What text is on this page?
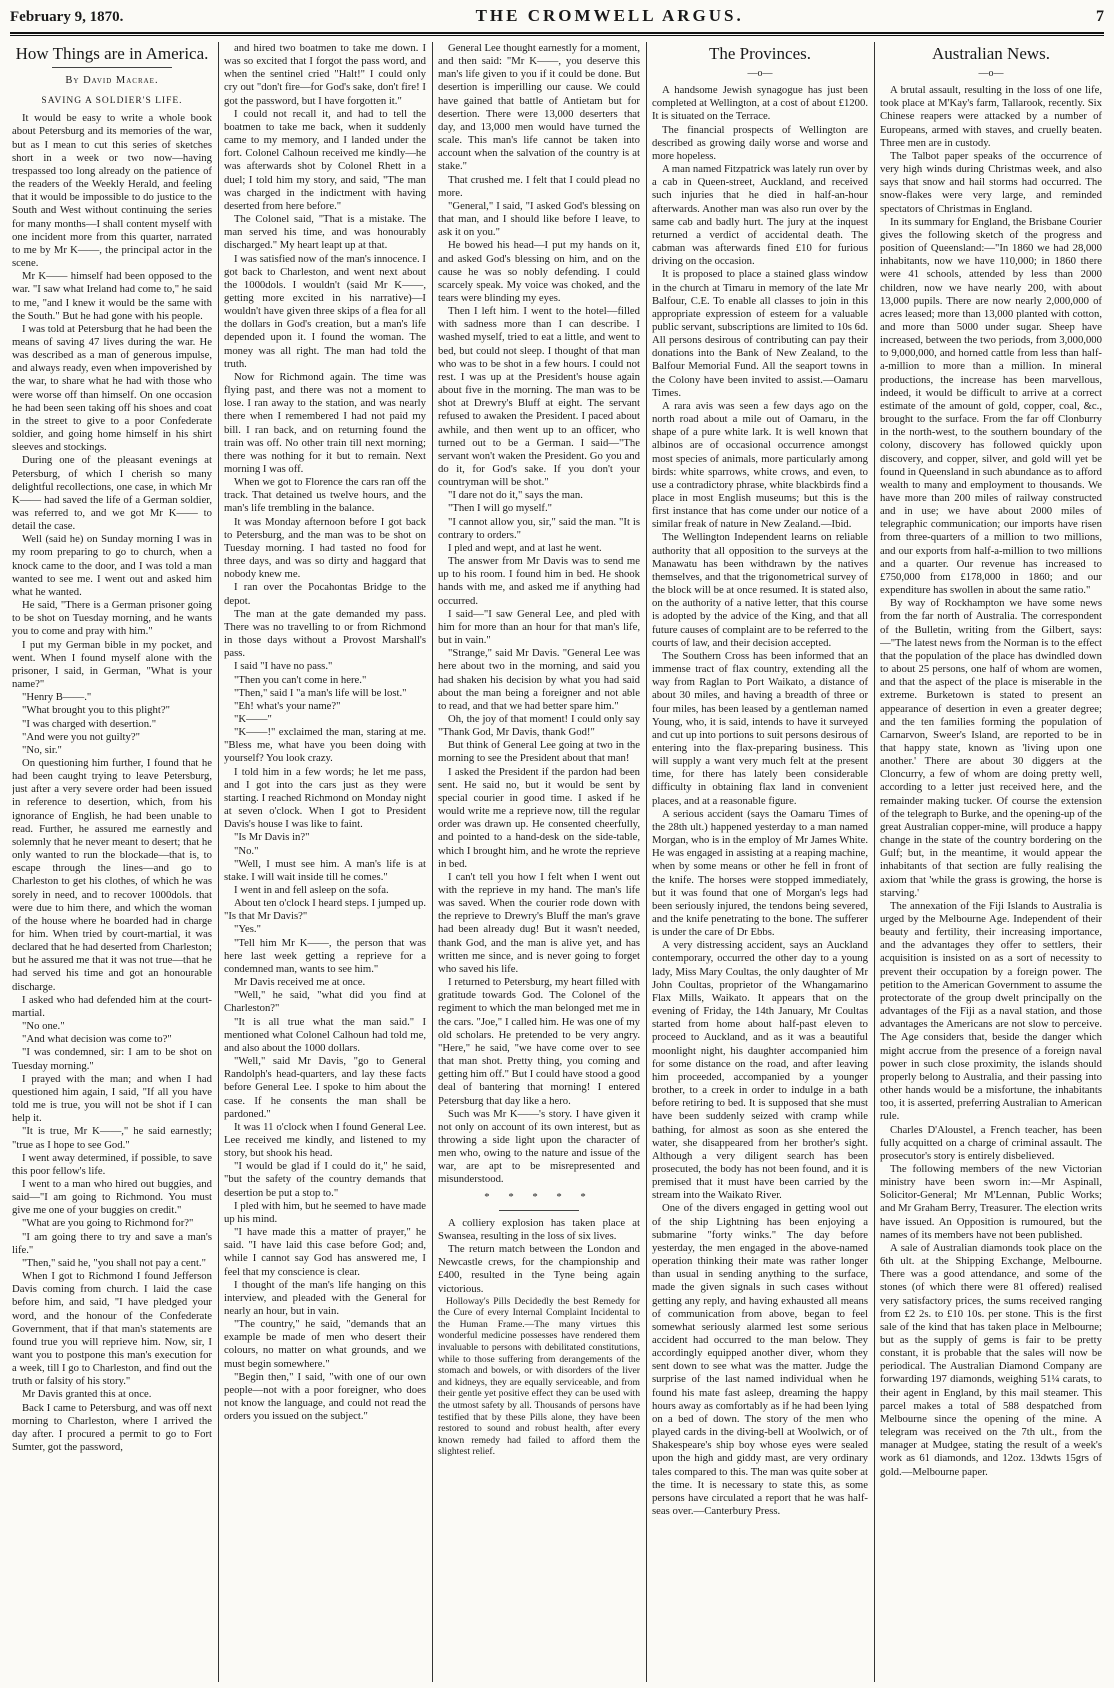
February 9, 1870.	THE CROMWELL ARGUS.	7
How Things are in America.
By David Macrae.
SAVING A SOLDIER'S LIFE.

It would be easy to write a whole book about Petersburg and its memories of the war, but as I mean to cut this series of sketches short in a week or two now—having trespassed too long already on the patience of the readers of the Weekly Herald, and feeling that it would be impossible to do justice to the South and West without continuing the series for many months—I shall content myself with one incident more from this quarter, narrated to me by Mr K——, the principal actor in the scene.

Mr K—— himself had been opposed to the war. "I saw what Ireland had come to," he said to me, "and I knew it would be the same with the South." But he had gone with his people.

I was told at Petersburg that he had been the means of saving 47 lives during the war. He was described as a man of generous impulse, and always ready, even when impoverished by the war, to share what he had with those who were worse off than himself. On one occasion he had been seen taking off his shoes and coat in the street to give to a poor Confederate soldier, and going home himself in his shirt sleeves and stockings.

During one of the pleasant evenings at Petersburg, of which I cherish so many delightful recollections, one case, in which Mr K—— had saved the life of a German soldier, was referred to, and we got Mr K—— to detail the case.

Well (said he) on Sunday morning I was in my room preparing to go to church, when a knock came to the door, and I was told a man wanted to see me. I went out and asked him what he wanted.

He said, "There is a German prisoner going to be shot on Tuesday morning, and he wants you to come and pray with him."

I put my German bible in my pocket, and went. When I found myself alone with the prisoner, I said, in German, "What is your name?"

"Henry B——."

"What brought you to this plight?"

"I was charged with desertion."

"And were you not guilty?"

"No, sir."

On questioning him further, I found that he had been caught trying to leave Petersburg, just after a very severe order had been issued in reference to desertion, which, from his ignorance of English, he had been unable to read. Further, he assured me earnestly and solemnly that he never meant to desert; that he only wanted to run the blockade—that is, to escape through the lines—and go to Charleston to get his clothes, of which he was sorely in need, and to recover 1000dols. that were due to him there, and which the woman of the house where he boarded had in charge for him. When tried by court-martial, it was declared that he had deserted from Charleston; but he assured me that it was not true—that he had served his time and got an honourable discharge.

I asked who had defended him at the court-martial.

"No one."

"And what decision was come to?"

"I was condemned, sir: I am to be shot on Tuesday morning."

I prayed with the man; and when I had questioned him again, I said, "If all you have told me is true, you will not be shot if I can help it.

"It is true, Mr K——," he said earnestly; "true as I hope to see God."

I went away determined, if possible, to save this poor fellow's life.

I went to a man who hired out buggies, and said—"I am going to Richmond. You must give me one of your buggies on credit."

"What are you going to Richmond for?"

"I am going there to try and save a man's life."

"Then," said he, "you shall not pay a cent."

When I got to Richmond I found Jefferson Davis coming from church. I laid the case before him, and said, "I have pledged your word, and the honour of the Confederate Government, that if that man's statements are found true you will reprieve him. Now, sir, I want you to postpone this man's execution for a week, till I go to Charleston, and find out the truth or falsity of his story."

Mr Davis granted this at once.

Back I came to Petersburg, and was off next morning to Charleston, where I arrived the day after. I procured a permit to go to Fort Sumter, got the password,

and hired two boatmen to take me down. I was so excited that I forgot the pass word, and when the sentinel cried "Halt!" I could only cry out "don't fire—for God's sake, don't fire! I got the password, but I have forgotten it."

I could not recall it, and had to tell the boatmen to take me back, when it suddenly came to my memory, and I landed under the fort. Colonel Calhoun received me kindly—he was afterwards shot by Colonel Rhett in a duel; I told him my story, and said, "The man was charged in the indictment with having deserted from here before."

The Colonel said, "That is a mistake. The man served his time, and was honourably discharged." My heart leapt up at that.

I was satisfied now of the man's innocence. I got back to Charleston, and went next about the 1000dols. I wouldn't (said Mr K——, getting more excited in his narrative)—I wouldn't have given three skips of a flea for all the dollars in God's creation, but a man's life depended upon it. I found the woman. The money was all right. The man had told the truth.

Now for Richmond again. The time was flying past, and there was not a moment to lose. I ran away to the station, and was nearly there when I remembered I had not paid my bill. I ran back, and on returning found the train was off. No other train till next morning; there was nothing for it but to remain. Next morning I was off.

When we got to Florence the cars ran off the track. That detained us twelve hours, and the man's life trembling in the balance.

It was Monday afternoon before I got back to Petersburg, and the man was to be shot on Tuesday morning. I had tasted no food for three days, and was so dirty and haggard that nobody knew me.

I ran over the Pocahontas Bridge to the depot.

The man at the gate demanded my pass. There was no travelling to or from Richmond in those days without a Provost Marshall's pass.

I said "I have no pass."

"Then you can't come in here."

"Then," said I "a man's life will be lost."

"Eh! what's your name?"

"K——"

"K——!" exclaimed the man, staring at me. "Bless me, what have you been doing with yourself? You look crazy.

I told him in a few words; he let me pass, and I got into the cars just as they were starting. I reached Richmond on Monday night at seven o'clock. When I got to President Davis's house I was like to faint.

"Is Mr Davis in?"

"No."

"Well, I must see him. A man's life is at stake. I will wait inside till he comes."

I went in and fell asleep on the sofa.

About ten o'clock I heard steps. I jumped up. "Is that Mr Davis?"

"Yes."

"Tell him Mr K——, the person that was here last week getting a reprieve for a condemned man, wants to see him."

Mr Davis received me at once.

"Well," he said, "what did you find at Charleston?"

"It is all true what the man said." I mentioned what Colonel Calhoun had told me, and also about the 1000 dollars.

"Well," said Mr Davis, "go to General Randolph's head-quarters, and lay these facts before General Lee. I spoke to him about the case. If he consents the man shall be pardoned."

It was 11 o'clock when I found General Lee. Lee received me kindly, and listened to my story, but shook his head.

"I would be glad if I could do it," he said, "but the safety of the country demands that desertion be put a stop to."

I pled with him, but he seemed to have made up his mind.

"I have made this a matter of prayer," he said. "I have laid this case before God; and, while I cannot say God has answered me, I feel that my conscience is clear.

I thought of the man's life hanging on this interview, and pleaded with the General for nearly an hour, but in vain.

"The country," he said, "demands that an example be made of men who desert their colours, no matter on what grounds, and we must begin somewhere."

"Begin then," I said, "with one of our own people—not with a poor foreigner, who does not know the language, and could not read the orders you issued on the subject."

General Lee thought earnestly for a moment, and then said: "Mr K——, you deserve this man's life given to you if it could be done. But desertion is imperilling our cause. We could have gained that battle of Antietam but for desertion. There were 13,000 deserters that day, and 13,000 men would have turned the scale. This man's life cannot be taken into account when the salvation of the country is at stake."

That crushed me. I felt that I could plead no more.

"General," I said, "I asked God's blessing on that man, and I should like before I leave, to ask it on you."

He bowed his head—I put my hands on it, and asked God's blessing on him, and on the cause he was so nobly defending. I could scarcely speak. My voice was choked, and the tears were blinding my eyes.

Then I left him. I went to the hotel—filled with sadness more than I can describe. I washed myself, tried to eat a little, and went to bed, but could not sleep. I thought of that man who was to be shot in a few hours. I could not rest. I was up at the President's house again about five in the morning. The man was to be shot at Drewry's Bluff at eight. The servant refused to awaken the President. I paced about awhile, and then went up to an officer, who turned out to be a German. I said—"The servant won't waken the President. Go you and do it, for God's sake. If you don't your countryman will be shot."

"I dare not do it," says the man.

"Then I will go myself."

"I cannot allow you, sir," said the man. "It is contrary to orders."

I pled and wept, and at last he went.

The answer from Mr Davis was to send me up to his room. I found him in bed. He shook hands with me, and asked me if anything had occurred.

I said—"I saw General Lee, and pled with him for more than an hour for that man's life, but in vain."

"Strange," said Mr Davis. "General Lee was here about two in the morning, and said you had shaken his decision by what you had said about the man being a foreigner and not able to read, and that we had better spare him."

Oh, the joy of that moment! I could only say "Thank God, Mr Davis, thank God!"

But think of General Lee going at two in the morning to see the President about that man!

I asked the President if the pardon had been sent. He said no, but it would be sent by special courier in good time. I asked if he would write me a reprieve now, till the regular order was drawn up. He consented cheerfully, and pointed to a hand-desk on the side-table, which I brought him, and he wrote the reprieve in bed.

I can't tell you how I felt when I went out with the reprieve in my hand. The man's life was saved. When the courier rode down with the reprieve to Drewry's Bluff the man's grave had been already dug! But it wasn't needed, thank God, and the man is alive yet, and has written me since, and is never going to forget who saved his life.

I returned to Petersburg, my heart filled with gratitude towards God. The Colonel of the regiment to which the man belonged met me in the cars. "Joe," I called him. He was one of my old scholars. He pretended to be very angry. "Here," he said, "we have come over to see that man shot. Pretty thing, you coming and getting him off." But I could have stood a good deal of bantering that morning! I entered Petersburg that day like a hero.

Such was Mr K——'s story. I have given it not only on account of its own interest, but as throwing a side light upon the character of men who, owing to the nature and issue of the war, are apt to be misrepresented and misunderstood.

* * * * *

A colliery explosion has taken place at Swansea, resulting in the loss of six lives.

The return match between the London and Newcastle crews, for the championship and £400, resulted in the Tyne being again victorious.

Holloway's Pills Decidedly the best Remedy for the Cure of every Internal Complaint Incidental to the Human Frame.—The many virtues this wonderful medicine possesses have rendered them invaluable to persons with debilitated constitutions, while to those suffering from derangements of the stomach and bowels, or with disorders of the liver and kidneys, they are equally serviceable, and from their gentle yet positive effect they can be used with the utmost safety by all. Thousands of persons have testified that by these Pills alone, they have been restored to sound and robust health, after every known remedy had failed to afford them the slightest relief.

The Provinces.
—o—

A handsome Jewish synagogue has just been completed at Wellington, at a cost of about £1200. It is situated on the Terrace.

The financial prospects of Wellington are described as growing daily worse and worse and more hopeless.

A man named Fitzpatrick was lately run over by a cab in Queen-street, Auckland, and received such injuries that he died in half-an-hour afterwards. Another man was also run over by the same cab and badly hurt. The jury at the inquest returned a verdict of accidental death. The cabman was afterwards fined £10 for furious driving on the occasion.

It is proposed to place a stained glass window in the church at Timaru in memory of the late Mr Balfour, C.E. To enable all classes to join in this appropriate expression of esteem for a valuable public servant, subscriptions are limited to 10s 6d. All persons desirous of contributing can pay their donations into the Bank of New Zealand, to the Balfour Memorial Fund. All the seaport towns in the Colony have been invited to assist.—Oamaru Times.

A rara avis was seen a few days ago on the north road about a mile out of Oamaru, in the shape of a pure white lark. It is well known that albinos are of occasional occurrence amongst most species of animals, more particularly among birds: white sparrows, white crows, and even, to use a contradictory phrase, white blackbirds find a place in most English museums; but this is the first instance that has come under our notice of a similar freak of nature in New Zealand.—Ibid.

The Wellington Independent learns on reliable authority that all opposition to the surveys at the Manawatu has been withdrawn by the natives themselves, and that the trigonometrical survey of the block will be at once resumed. It is stated also, on the authority of a native letter, that this course is adopted by the advice of the King, and that all future causes of complaint are to be referred to the courts of law, and their decision accepted.

The Southern Cross has been informed that an immense tract of flax country, extending all the way from Raglan to Port Waikato, a distance of about 30 miles, and having a breadth of three or four miles, has been leased by a gentleman named Young, who, it is said, intends to have it surveyed and cut up into portions to suit persons desirous of entering into the flax-preparing business. This will supply a want very much felt at the present time, for there has lately been considerable difficulty in obtaining flax land in convenient places, and at a reasonable figure.

A serious accident (says the Oamaru Times of the 28th ult.) happened yesterday to a man named Morgan, who is in the employ of Mr James White. He was engaged in assisting at a reaping machine, when by some means or other he fell in front of the knife. The horses were stopped immediately, but it was found that one of Morgan's legs had been seriously injured, the tendons being severed, and the knife penetrating to the bone. The sufferer is under the care of Dr Ebbs.

A very distressing accident, says an Auckland contemporary, occurred the other day to a young lady, Miss Mary Coultas, the only daughter of Mr John Coultas, proprietor of the Whangamarino Flax Mills, Waikato. It appears that on the evening of Friday, the 14th January, Mr Coultas started from home about half-past eleven to proceed to Auckland, and as it was a beautiful moonlight night, his daughter accompanied him for some distance on the road, and after leaving him proceeded, accompanied by a younger brother, to a creek in order to indulge in a bath before retiring to bed. It is supposed that she must have been suddenly seized with cramp while bathing, for almost as soon as she entered the water, she disappeared from her brother's sight. Although a very diligent search has been prosecuted, the body has not been found, and it is premised that it must have been carried by the stream into the Waikato River.

One of the divers engaged in getting wool out of the ship Lightning has been enjoying a submarine "forty winks." The day before yesterday, the men engaged in the above-named operation thinking their mate was rather longer than usual in sending anything to the surface, made the given signals in such cases without getting any reply, and having exhausted all means of communication from above, began to feel somewhat seriously alarmed lest some serious accident had occurred to the man below. They accordingly equipped another diver, whom they sent down to see what was the matter. Judge the surprise of the last named individual when he found his mate fast asleep, dreaming the happy hours away as comfortably as if he had been lying on a bed of down. The story of the men who played cards in the diving-bell at Woolwich, or of Shakespeare's ship boy whose eyes were sealed upon the high and giddy mast, are very ordinary tales compared to this. The man was quite sober at the time. It is necessary to state this, as some persons have circulated a report that he was half-seas over.—Canterbury Press.

Australian News.
—o—

A brutal assault, resulting in the loss of one life, took place at M'Kay's farm, Tallarook, recently. Six Chinese reapers were attacked by a number of Europeans, armed with staves, and cruelly beaten. Three men are in custody.

The Talbot paper speaks of the occurrence of very high winds during Christmas week, and also says that snow and hail storms had occurred. The snow-flakes were very large, and reminded spectators of Christmas in England.

In its summary for England, the Brisbane Courier gives the following sketch of the progress and position of Queensland:—"In 1860 we had 28,000 inhabitants, now we have 110,000; in 1860 there were 41 schools, attended by less than 2000 children, now we have nearly 200, with about 13,000 pupils. There are now nearly 2,000,000 of acres leased; more than 13,000 planted with cotton, and more than 5000 under sugar. Sheep have increased, between the two periods, from 3,000,000 to 9,000,000, and horned cattle from less than half-a-million to more than a million. In mineral productions, the increase has been marvellous, indeed, it would be difficult to arrive at a correct estimate of the amount of gold, copper, coal, &c., brought to the surface. From the far off Clonburry in the north-west, to the southern boundary of the colony, discovery has followed quickly upon discovery, and copper, silver, and gold will yet be found in Queensland in such abundance as to afford wealth to many and employment to thousands. We have more than 200 miles of railway constructed and in use; we have about 2000 miles of telegraphic communication; our imports have risen from three-quarters of a million to two millions, and our exports from half-a-million to two millions and a quarter. Our revenue has increased to £750,000 from £178,000 in 1860; and our expenditure has swollen in about the same ratio."

By way of Rockhampton we have some news from the far north of Australia. The correspondent of the Bulletin, writing from the Gilbert, says:—"The latest news from the Norman is to the effect that the population of the place has dwindled down to about 25 persons, one half of whom are women, and that the aspect of the place is miserable in the extreme. Burketown is stated to present an appearance of desertion in even a greater degree; and the ten families forming the population of Carnarvon, Sweer's Island, are reported to be in that happy state, known as 'living upon one another.' There are about 30 diggers at the Cloncurry, a few of whom are doing pretty well, according to a letter just received here, and the remainder making tucker. Of course the extension of the telegraph to Burke, and the opening-up of the great Australian copper-mine, will produce a happy change in the state of the country bordering on the Gulf; but, in the meantime, it would appear the inhabitants of that section are fully realising the axiom that 'while the grass is growing, the horse is starving.'

The annexation of the Fiji Islands to Australia is urged by the Melbourne Age. Independent of their beauty and fertility, their increasing importance, and the advantages they offer to settlers, their acquisition is insisted on as a sort of necessity to prevent their occupation by a foreign power. The petition to the American Government to assume the protectorate of the group dwelt principally on the advantages of the Fiji as a naval station, and those advantages the Americans are not slow to perceive. The Age considers that, beside the danger which might accrue from the presence of a foreign naval power in such close proximity, the islands should properly belong to Australia, and their passing into other hands would be a misfortune, the inhabitants too, it is asserted, preferring Australian to American rule.

Charles D'Aloustel, a French teacher, has been fully acquitted on a charge of criminal assault. The prosecutor's story is entirely disbelieved.

The following members of the new Victorian ministry have been sworn in:—Mr Aspinall, Solicitor-General; Mr M'Lennan, Public Works; and Mr Graham Berry, Treasurer. The election writs have issued. An Opposition is rumoured, but the names of its members have not been published.

A sale of Australian diamonds took place on the 6th ult. at the Shipping Exchange, Melbourne. There was a good attendance, and some of the stones (of which there were 81 offered) realised very satisfactory prices, the sums received ranging from £2 2s. to £10 10s. per stone. This is the first sale of the kind that has taken place in Melbourne; but as the supply of gems is fair to be pretty constant, it is probable that the sales will now be periodical. The Australian Diamond Company are forwarding 197 diamonds, weighing 51¼ carats, to their agent in England, by this mail steamer. This parcel makes a total of 588 despatched from Melbourne since the opening of the mine. A telegram was received on the 7th ult., from the manager at Mudgee, stating the result of a week's work as 61 diamonds, and 12oz. 13dwts 15grs of gold.—Melbourne paper.
